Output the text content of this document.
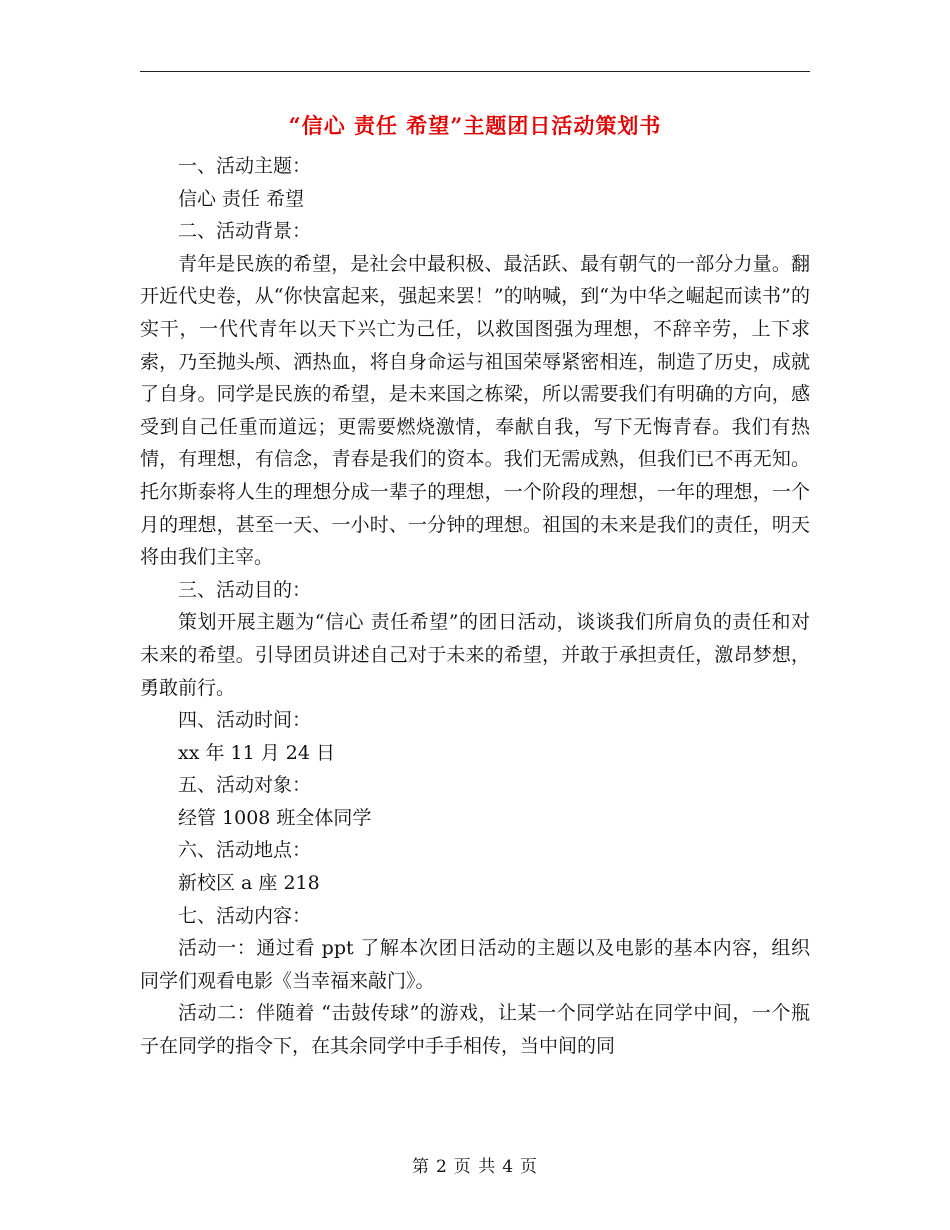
“信心 责任 希望”主题团日活动策划书

一、活动主题：

信心 责任 希望

二、活动背景：

青年是民族的希望，是社会中最积极、最活跃、最有朝气的一部分力量。翻开近代史卷，从“你快富起来，强起来罢！”的呐喊，到“为中华之崛起而读书”的实干，一代代青年以天下兴亡为己任，以救国图强为理想，不辞辛劳，上下求索，乃至抛头颅、洒热血，将自身命运与祖国荣辱紧密相连，制造了历史，成就了自身。同学是民族的希望，是未来国之栋梁，所以需要我们有明确的方向，感受到自己任重而道远；更需要燃烧激情，奉献自我，写下无悔青春。我们有热情，有理想，有信念，青春是我们的资本。我们无需成熟，但我们已不再无知。托尔斯泰将人生的理想分成一辈子的理想，一个阶段的理想，一年的理想，一个月的理想，甚至一天、一小时、一分钟的理想。祖国的未来是我们的责任，明天将由我们主宰。

三、活动目的：

策划开展主题为“信心 责任希望”的团日活动，谈谈我们所肩负的责任和对未来的希望。引导团员讲述自己对于未来的希望，并敢于承担责任，激昂梦想，勇敢前行。

四、活动时间：

xx 年 11 月 24 日

五、活动对象：

经管 1008 班全体同学

六、活动地点：

新校区 a 座 218

七、活动内容：

活动一：通过看 ppt 了解本次团日活动的主题以及电影的基本内容，组织同学们观看电影《当幸福来敲门》。

活动二：伴随着 “击鼓传球”的游戏，让某一个同学站在同学中间，一个瓶子在同学的指令下，在其余同学中手手相传，当中间的同

第 2 页 共 4 页
